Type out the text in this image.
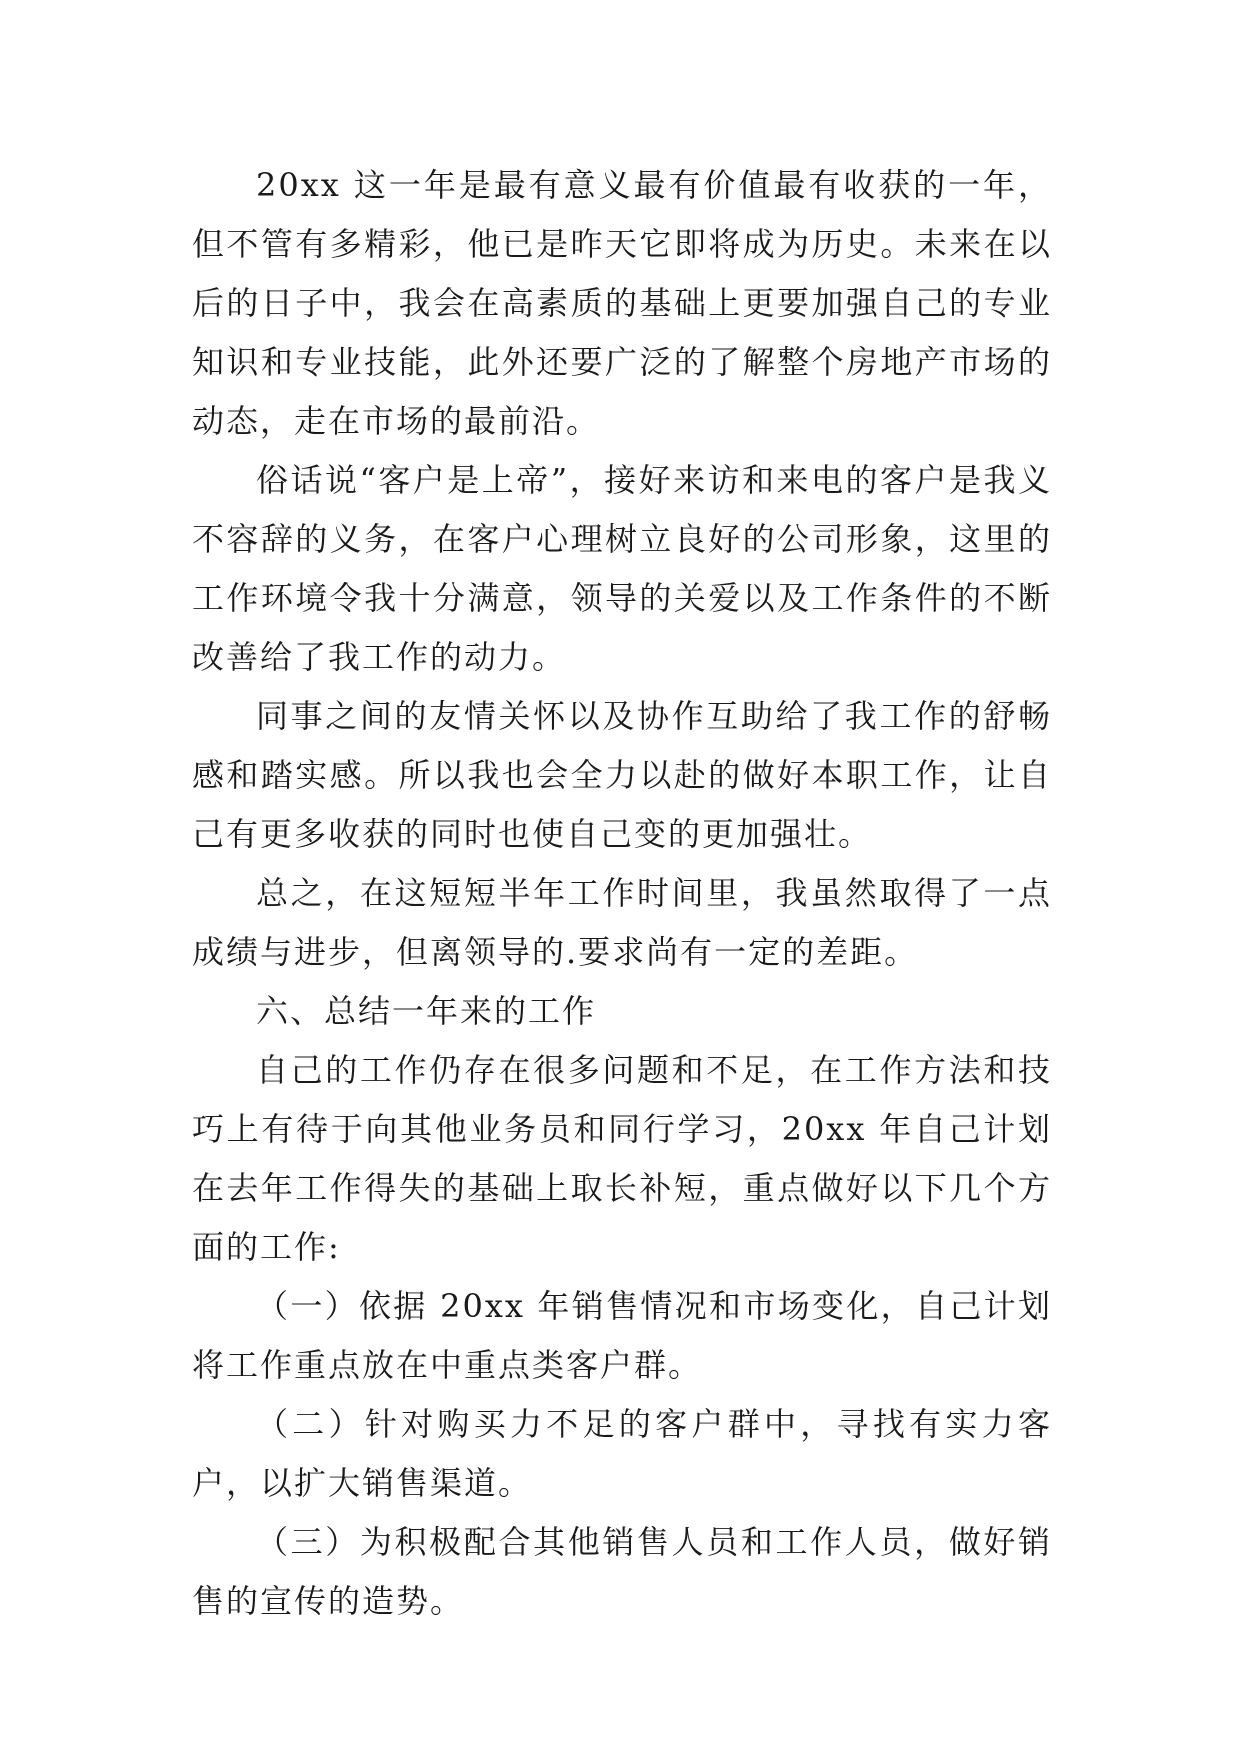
20xx 这一年是最有意义最有价值最有收获的一年，但不管有多精彩，他已是昨天它即将成为历史。未来在以后的日子中，我会在高素质的基础上更要加强自己的专业知识和专业技能，此外还要广泛的了解整个房地产市场的动态，走在市场的最前沿。

俗话说“客户是上帝”，接好来访和来电的客户是我义不容辞的义务，在客户心理树立良好的公司形象，这里的工作环境令我十分满意，领导的关爱以及工作条件的不断改善给了我工作的动力。

同事之间的友情关怀以及协作互助给了我工作的舒畅感和踏实感。所以我也会全力以赴的做好本职工作，让自己有更多收获的同时也使自己变的更加强壮。

总之，在这短短半年工作时间里，我虽然取得了一点成绩与进步，但离领导的.要求尚有一定的差距。

六、总结一年来的工作

自己的工作仍存在很多问题和不足，在工作方法和技巧上有待于向其他业务员和同行学习，20xx 年自己计划在去年工作得失的基础上取长补短，重点做好以下几个方面的工作:

（一）依据 20xx 年销售情况和市场变化，自己计划将工作重点放在中重点类客户群。

（二）针对购买力不足的客户群中，寻找有实力客户，以扩大销售渠道。

（三）为积极配合其他销售人员和工作人员，做好销售的宣传的造势。
